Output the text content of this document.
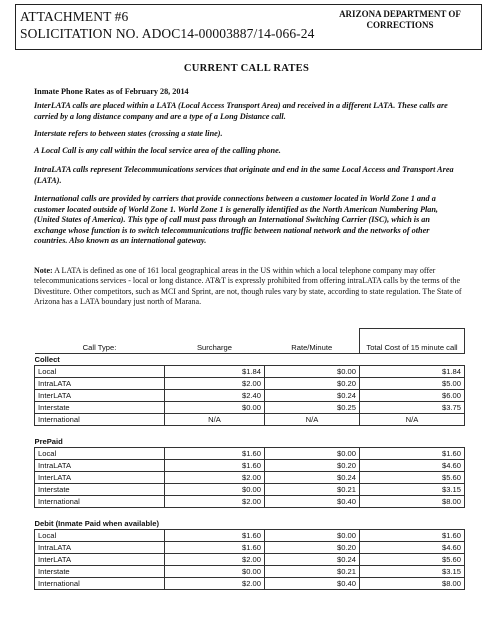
ATTACHMENT #6
SOLICITATION NO. ADOC14-00003887/14-066-24
ARIZONA DEPARTMENT OF
CORRECTIONS
CURRENT CALL RATES
Inmate Phone Rates as of February 28, 2014
InterLATA calls are placed within a LATA (Local Access Transport Area) and received in a different LATA. These calls are carried by a long distance company and are a type of a Long Distance call.
Interstate refers to between states (crossing a state line).
A Local Call is any call within the local service area of the calling phone.
IntraLATA calls represent Telecommunications services that originate and end in the same Local Access and Transport Area (LATA).
International calls are provided by carriers that provide connections between a customer located in World Zone 1 and a customer located outside of World Zone 1. World Zone 1 is generally identified as the North American Numbering Plan, (United States of America). This type of call must pass through an International Switching Carrier (ISC), which is an exchange whose function is to switch telecommunications traffic between national network and the networks of other countries. Also known as an international gateway.
Note: A LATA is defined as one of 161 local geographical areas in the US within which a local telephone company may offer telecommunications services - local or long distance. AT&T is expressly prohibited from offering intraLATA calls by the terms of the Divestiture. Other competitors, such as MCI and Sprint, are not, though rules vary by state, according to state regulation. The State of Arizona has a LATA boundary just north of Marana.
Call Type:	Surcharge	Rate/Minute	Total Cost of 15 minute call
Collect			
Local	$1.84	$0.00	$1.84
IntraLATA	$2.00	$0.20	$5.00
InterLATA	$2.40	$0.24	$6.00
Interstate	$0.00	$0.25	$3.75
International	N/A	N/A	N/A

PrePaid			
Local	$1.60	$0.00	$1.60
IntraLATA	$1.60	$0.20	$4.60
InterLATA	$2.00	$0.24	$5.60
Interstate	$0.00	$0.21	$3.15
International	$2.00	$0.40	$8.00

Debit (Inmate Paid when available)			
Local	$1.60	$0.00	$1.60
IntraLATA	$1.60	$0.20	$4.60
InterLATA	$2.00	$0.24	$5.60
Interstate	$0.00	$0.21	$3.15
International	$2.00	$0.40	$8.00
